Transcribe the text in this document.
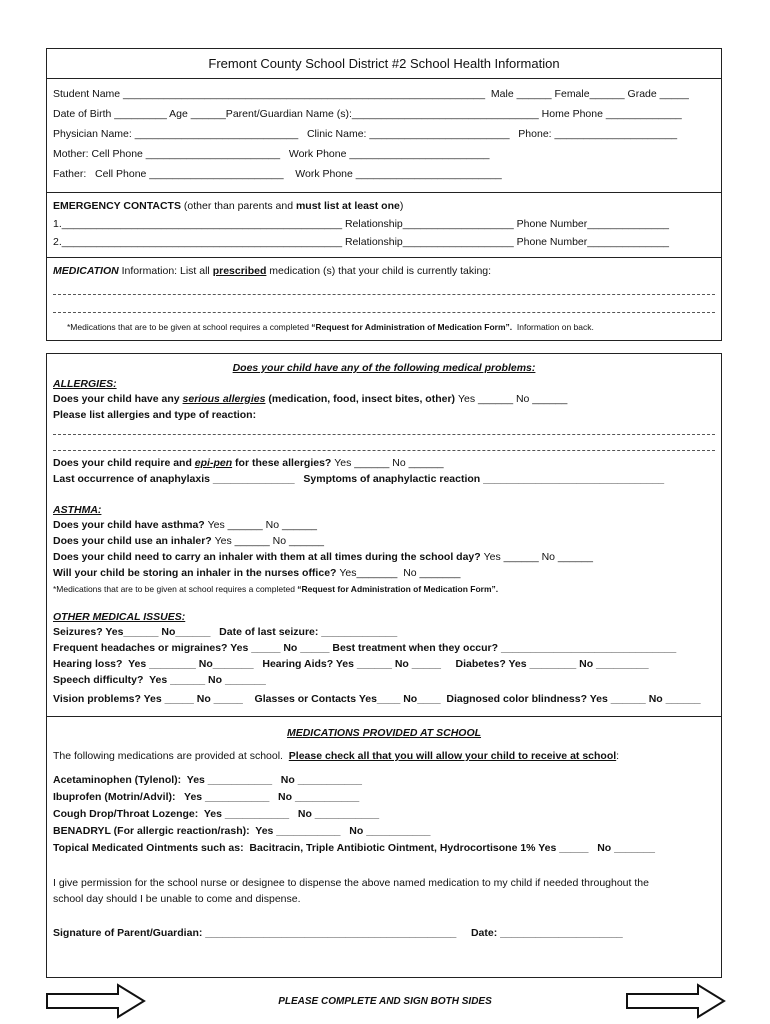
Fremont County School District #2 School Health Information
Student Name ______________________________________________________________  Male ______ Female______ Grade _____
Date of Birth _________ Age ______Parent/Guardian Name (s):________________________________ Home Phone _____________
Physician Name: ____________________________   Clinic Name: ________________________   Phone: _____________________
Mother: Cell Phone _______________________   Work Phone ________________________
Father:   Cell Phone _______________________    Work Phone _________________________
EMERGENCY CONTACTS (other than parents and must list at least one)
1.________________________________________________ Relationship___________________ Phone Number______________
2.________________________________________________ Relationship___________________ Phone Number______________
MEDICATION Information: List all prescribed medication (s) that your child is currently taking:
*Medications that are to be given at school requires a completed “Request for Administration of Medication Form”.  Information on back.
Does your child have any of the following medical problems:
ALLERGIES:
Does your child have any serious allergies (medication, food, insect bites, other) Yes ______ No ______
Please list allergies and type of reaction:
Does your child require and epi-pen for these allergies? Yes ______ No ______
Last occurrence of anaphylaxis ______________   Symptoms of anaphylactic reaction _______________________________
ASTHMA:
Does your child have asthma? Yes ______ No ______
Does your child use an inhaler? Yes ______ No ______
Does your child need to carry an inhaler with them at all times during the school day? Yes ______ No ______
Will your child be storing an inhaler in the nurses office? Yes_______  No _______
*Medications that are to be given at school requires a completed “Request for Administration of Medication Form”.
OTHER MEDICAL ISSUES:
Seizures? Yes______ No______   Date of last seizure: _____________
Frequent headaches or migraines? Yes _____ No _____ Best treatment when they occur? ______________________________
Hearing loss?  Yes ________ No_______   Hearing Aids? Yes ______ No _____     Diabetes? Yes ________ No _________
Speech difficulty?  Yes ______ No _______
Vision problems? Yes _____ No _____    Glasses or Contacts Yes____ No____  Diagnosed color blindness? Yes ______ No ______
MEDICATIONS PROVIDED AT SCHOOL
The following medications are provided at school.  Please check all that you will allow your child to receive at school:
Acetaminophen (Tylenol):  Yes ___________   No ___________
Ibuprofen (Motrin/Advil):   Yes ___________   No ___________
Cough Drop/Throat Lozenge:  Yes ___________   No ___________
BENADRYL (For allergic reaction/rash):  Yes ___________   No ___________
Topical Medicated Ointments such as:  Bacitracin, Triple Antibiotic Ointment, Hydrocortisone 1% Yes _____   No _______
I give permission for the school nurse or designee to dispense the above named medication to my child if needed throughout the
school day should I be unable to come and dispense.
Signature of Parent/Guardian: ___________________________________________     Date: _____________________
PLEASE COMPLETE AND SIGN BOTH SIDES
